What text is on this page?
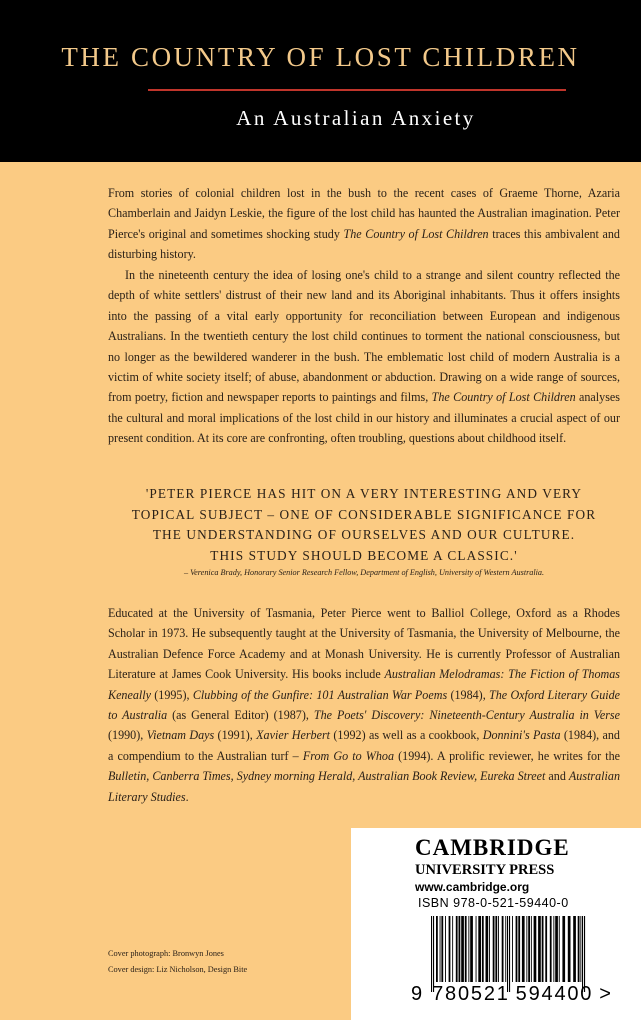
THE COUNTRY OF LOST CHILDREN
An Australian Anxiety

From stories of colonial children lost in the bush to the recent cases of Graeme Thorne, Azaria Chamberlain and Jaidyn Leskie, the figure of the lost child has haunted the Australian imagination. Peter Pierce's original and sometimes shocking study The Country of Lost Children traces this ambivalent and disturbing history.

In the nineteenth century the idea of losing one's child to a strange and silent country reflected the depth of white settlers' distrust of their new land and its Aboriginal inhabitants. Thus it offers insights into the passing of a vital early opportunity for reconciliation between European and indigenous Australians. In the twentieth century the lost child continues to torment the national consciousness, but no longer as the bewildered wanderer in the bush. The emblematic lost child of modern Australia is a victim of white society itself; of abuse, abandonment or abduction. Drawing on a wide range of sources, from poetry, fiction and newspaper reports to paintings and films, The Country of Lost Children analyses the cultural and moral implications of the lost child in our history and illuminates a crucial aspect of our present condition. At its core are confronting, often troubling, questions about childhood itself.

'PETER PIERCE HAS HIT ON A VERY INTERESTING AND VERY
TOPICAL SUBJECT – ONE OF CONSIDERABLE SIGNIFICANCE FOR
THE UNDERSTANDING OF OURSELVES AND OUR CULTURE.
THIS STUDY SHOULD BECOME A CLASSIC.'
– Verenica Brady, Honorary Senior Research Fellow, Department of English, University of Western Australia.

Educated at the University of Tasmania, Peter Pierce went to Balliol College, Oxford as a Rhodes Scholar in 1973. He subsequently taught at the University of Tasmania, the University of Melbourne, the Australian Defence Force Academy and at Monash University. He is currently Professor of Australian Literature at James Cook University. His books include Australian Melodramas: The Fiction of Thomas Keneally (1995), Clubbing of the Gunfire: 101 Australian War Poems (1984), The Oxford Literary Guide to Australia (as General Editor) (1987), The Poets' Discovery: Nineteenth-Century Australia in Verse (1990), Vietnam Days (1991), Xavier Herbert (1992) as well as a cookbook, Donnini's Pasta (1984), and a compendium to the Australian turf – From Go to Whoa (1994). A prolific reviewer, he writes for the Bulletin, Canberra Times, Sydney morning Herald, Australian Book Review, Eureka Street and Australian Literary Studies.

Cover photograph: Bronwyn Jones
Cover design: Liz Nicholson, Design Bite
CAMBRIDGE
UNIVERSITY PRESS
www.cambridge.org
ISBN 978-0-521-59440-0
9 780521 594400 >
